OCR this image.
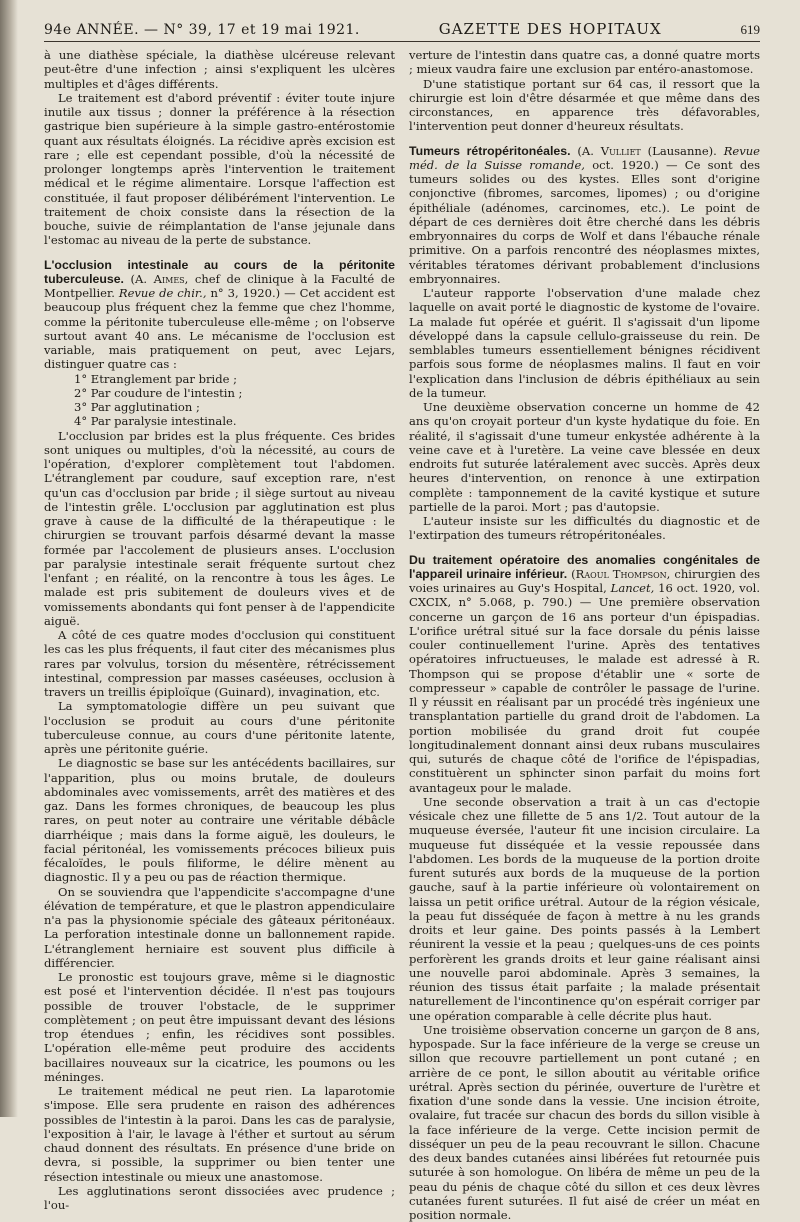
94e ANNÉE. — N° 39, 17 et 19 mai 1921.	GAZETTE DES HOPITAUX	619

à une diathèse spéciale, la diathèse ulcéreuse relevant peut-être d'une infection ; ainsi s'expliquent les ulcères multiples et d'âges différents.

Le traitement est d'abord préventif : éviter toute injure inutile aux tissus ; donner la préférence à la résection gastrique bien supérieure à la simple gastro-entérostomie quant aux résultats éloignés. La récidive après excision est rare ; elle est cependant possible, d'où la nécessité de prolonger longtemps après l'intervention le traitement médical et le régime alimentaire. Lorsque l'affection est constituée, il faut proposer délibérément l'intervention. Le traitement de choix consiste dans la résection de la bouche, suivie de réimplantation de l'anse jejunale dans l'estomac au niveau de la perte de substance.

L'occlusion intestinale au cours de la péritonite tuberculeuse. (A. Aimes, chef de clinique à la Faculté de Montpellier. Revue de chir., n° 3, 1920.) — Cet accident est beaucoup plus fréquent chez la femme que chez l'homme, comme la péritonite tuberculeuse elle-même ; on l'observe surtout avant 40 ans. Le mécanisme de l'occlusion est variable, mais pratiquement on peut, avec Lejars, distinguer quatre cas :

1° Etranglement par bride ;

2° Par coudure de l'intestin ;

3° Par agglutination ;

4° Par paralysie intestinale.

L'occlusion par brides est la plus fréquente. Ces brides sont uniques ou multiples, d'où la nécessité, au cours de l'opération, d'explorer complètement tout l'abdomen. L'étranglement par coudure, sauf exception rare, n'est qu'un cas d'occlusion par bride ; il siège surtout au niveau de l'intestin grêle. L'occlusion par agglutination est plus grave à cause de la difficulté de la thérapeutique : le chirurgien se trouvant parfois désarmé devant la masse formée par l'accolement de plusieurs anses. L'occlusion par paralysie intestinale serait fréquente surtout chez l'enfant ; en réalité, on la rencontre à tous les âges. Le malade est pris subitement de douleurs vives et de vomissements abondants qui font penser à de l'appendicite aiguë.

A côté de ces quatre modes d'occlusion qui constituent les cas les plus fréquents, il faut citer des mécanismes plus rares par volvulus, torsion du mésentère, rétrécissement intestinal, compression par masses caséeuses, occlusion à travers un treillis épiploïque (Guinard), invagination, etc.

La symptomatologie diffère un peu suivant que l'occlusion se produit au cours d'une péritonite tuberculeuse connue, au cours d'une péritonite latente, après une péritonite guérie.

Le diagnostic se base sur les antécédents bacillaires, sur l'apparition, plus ou moins brutale, de douleurs abdominales avec vomissements, arrêt des matières et des gaz. Dans les formes chroniques, de beaucoup les plus rares, on peut noter au contraire une véritable débâcle diarrhéique ; mais dans la forme aiguë, les douleurs, le facial péritonéal, les vomissements précoces bilieux puis fécaloïdes, le pouls filiforme, le délire mènent au diagnostic. Il y a peu ou pas de réaction thermique.

On se souviendra que l'appendicite s'accompagne d'une élévation de température, et que le plastron appendiculaire n'a pas la physionomie spéciale des gâteaux péritonéaux. La perforation intestinale donne un ballonnement rapide. L'étranglement herniaire est souvent plus difficile à différencier.

Le pronostic est toujours grave, même si le diagnostic est posé et l'intervention décidée. Il n'est pas toujours possible de trouver l'obstacle, de le supprimer complètement ; on peut être impuissant devant des lésions trop étendues ; enfin, les récidives sont possibles. L'opération elle-même peut produire des accidents bacillaires nouveaux sur la cicatrice, les poumons ou les méninges.

Le traitement médical ne peut rien. La laparotomie s'impose. Elle sera prudente en raison des adhérences possibles de l'intestin à la paroi. Dans les cas de paralysie, l'exposition à l'air, le lavage à l'éther et surtout au sérum chaud donnent des résultats. En présence d'une bride on devra, si possible, la supprimer ou bien tenter une résection intestinale ou mieux une anastomose.

Les agglutinations seront dissociées avec prudence ; l'ou-

verture de l'intestin dans quatre cas, a donné quatre morts ; mieux vaudra faire une exclusion par entéro-anastomose.

D'une statistique portant sur 64 cas, il ressort que la chirurgie est loin d'être désarmée et que même dans des circonstances, en apparence très défavorables, l'intervention peut donner d'heureux résultats.

Tumeurs rétropéritonéales. (A. Vulliet (Lausanne). Revue méd. de la Suisse romande, oct. 1920.) — Ce sont des tumeurs solides ou des kystes. Elles sont d'origine conjonctive (fibromes, sarcomes, lipomes) ; ou d'origine épithéliale (adénomes, carcinomes, etc.). Le point de départ de ces dernières doit être cherché dans les débris embryonnaires du corps de Wolf et dans l'ébauche rénale primitive. On a parfois rencontré des néoplasmes mixtes, véritables tératomes dérivant probablement d'inclusions embryonnaires.

L'auteur rapporte l'observation d'une malade chez laquelle on avait porté le diagnostic de kystome de l'ovaire. La malade fut opérée et guérit. Il s'agissait d'un lipome développé dans la capsule cellulo-graisseuse du rein. De semblables tumeurs essentiellement bénignes récidivent parfois sous forme de néoplasmes malins. Il faut en voir l'explication dans l'inclusion de débris épithéliaux au sein de la tumeur.

Une deuxième observation concerne un homme de 42 ans qu'on croyait porteur d'un kyste hydatique du foie. En réalité, il s'agissait d'une tumeur enkystée adhérente à la veine cave et à l'uretère. La veine cave blessée en deux endroits fut suturée latéralement avec succès. Après deux heures d'intervention, on renonce à une extirpation complète : tamponnement de la cavité kystique et suture partielle de la paroi. Mort ; pas d'autopsie.

L'auteur insiste sur les difficultés du diagnostic et de l'extirpation des tumeurs rétropéritonéales.

Du traitement opératoire des anomalies congénitales de l'appareil urinaire inférieur. (Raoul Thompson, chirurgien des voies urinaires au Guy's Hospital, Lancet, 16 oct. 1920, vol. CXCIX, n° 5.068, p. 790.) — Une première observation concerne un garçon de 16 ans porteur d'un épispadias. L'orifice urétral situé sur la face dorsale du pénis laisse couler continuellement l'urine. Après des tentatives opératoires infructueuses, le malade est adressé à R. Thompson qui se propose d'établir une « sorte de compresseur » capable de contrôler le passage de l'urine. Il y réussit en réalisant par un procédé très ingénieux une transplantation partielle du grand droit de l'abdomen. La portion mobilisée du grand droit fut coupée longitudinalement donnant ainsi deux rubans musculaires qui, suturés de chaque côté de l'orifice de l'épispadias, constituèrent un sphincter sinon parfait du moins fort avantageux pour le malade.

Une seconde observation a trait à un cas d'ectopie vésicale chez une fillette de 5 ans 1/2. Tout autour de la muqueuse éversée, l'auteur fit une incision circulaire. La muqueuse fut disséquée et la vessie repoussée dans l'abdomen. Les bords de la muqueuse de la portion droite furent suturés aux bords de la muqueuse de la portion gauche, sauf à la partie inférieure où volontairement on laissa un petit orifice urétral. Autour de la région vésicale, la peau fut disséquée de façon à mettre à nu les grands droits et leur gaine. Des points passés à la Lembert réunirent la vessie et la peau ; quelques-uns de ces points perforèrent les grands droits et leur gaine réalisant ainsi une nouvelle paroi abdominale. Après 3 semaines, la réunion des tissus était parfaite ; la malade présentait naturellement de l'incontinence qu'on espérait corriger par une opération comparable à celle décrite plus haut.

Une troisième observation concerne un garçon de 8 ans, hypospade. Sur la face inférieure de la verge se creuse un sillon que recouvre partiellement un pont cutané ; en arrière de ce pont, le sillon aboutit au véritable orifice urétral. Après section du périnée, ouverture de l'urètre et fixation d'une sonde dans la vessie. Une incision étroite, ovalaire, fut tracée sur chacun des bords du sillon visible à la face inférieure de la verge. Cette incision permit de disséquer un peu de la peau recouvrant le sillon. Chacune des deux bandes cutanées ainsi libérées fut retournée puis suturée à son homologue. On libéra de même un peu de la peau du pénis de chaque côté du sillon et ces deux lèvres cutanées furent suturées. Il fut aisé de créer un méat en position normale.
